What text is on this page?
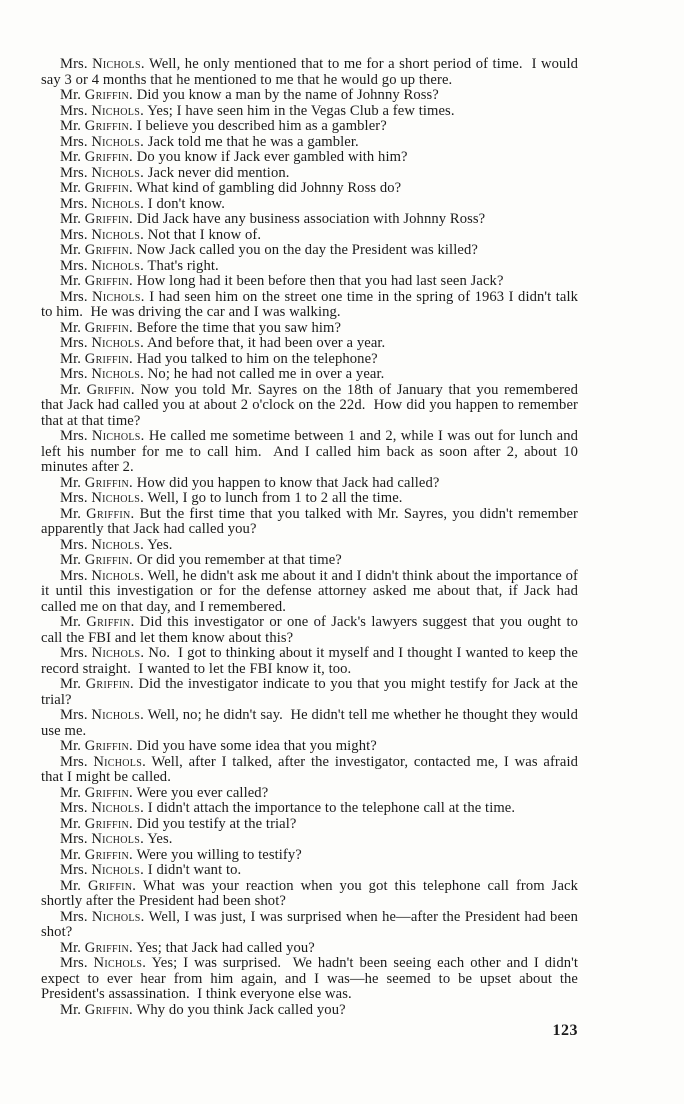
Mrs. Nichols. Well, he only mentioned that to me for a short period of time.  I would say 3 or 4 months that he mentioned to me that he would go up there.

Mr. Griffin. Did you know a man by the name of Johnny Ross?

Mrs. Nichols. Yes; I have seen him in the Vegas Club a few times.

Mr. Griffin. I believe you described him as a gambler?

Mrs. Nichols. Jack told me that he was a gambler.

Mr. Griffin. Do you know if Jack ever gambled with him?

Mrs. Nichols. Jack never did mention.

Mr. Griffin. What kind of gambling did Johnny Ross do?

Mrs. Nichols. I don't know.

Mr. Griffin. Did Jack have any business association with Johnny Ross?

Mrs. Nichols. Not that I know of.

Mr. Griffin. Now Jack called you on the day the President was killed?

Mrs. Nichols. That's right.

Mr. Griffin. How long had it been before then that you had last seen Jack?

Mrs. Nichols. I had seen him on the street one time in the spring of 1963 I didn't talk to him.  He was driving the car and I was walking.

Mr. Griffin. Before the time that you saw him?

Mrs. Nichols. And before that, it had been over a year.

Mr. Griffin. Had you talked to him on the telephone?

Mrs. Nichols. No; he had not called me in over a year.

Mr. Griffin. Now you told Mr. Sayres on the 18th of January that you remembered that Jack had called you at about 2 o'clock on the 22d.  How did you happen to remember that at that time?

Mrs. Nichols. He called me sometime between 1 and 2, while I was out for lunch and left his number for me to call him.  And I called him back as soon after 2, about 10 minutes after 2.

Mr. Griffin. How did you happen to know that Jack had called?

Mrs. Nichols. Well, I go to lunch from 1 to 2 all the time.

Mr. Griffin. But the first time that you talked with Mr. Sayres, you didn't remember apparently that Jack had called you?

Mrs. Nichols. Yes.

Mr. Griffin. Or did you remember at that time?

Mrs. Nichols. Well, he didn't ask me about it and I didn't think about the importance of it until this investigation or for the defense attorney asked me about that, if Jack had called me on that day, and I remembered.

Mr. Griffin. Did this investigator or one of Jack's lawyers suggest that you ought to call the FBI and let them know about this?

Mrs. Nichols. No.  I got to thinking about it myself and I thought I wanted to keep the record straight.  I wanted to let the FBI know it, too.

Mr. Griffin. Did the investigator indicate to you that you might testify for Jack at the trial?

Mrs. Nichols. Well, no; he didn't say.  He didn't tell me whether he thought they would use me.

Mr. Griffin. Did you have some idea that you might?

Mrs. Nichols. Well, after I talked, after the investigator, contacted me, I was afraid that I might be called.

Mr. Griffin. Were you ever called?

Mrs. Nichols. I didn't attach the importance to the telephone call at the time.

Mr. Griffin. Did you testify at the trial?

Mrs. Nichols. Yes.

Mr. Griffin. Were you willing to testify?

Mrs. Nichols. I didn't want to.

Mr. Griffin. What was your reaction when you got this telephone call from Jack shortly after the President had been shot?

Mrs. Nichols. Well, I was just, I was surprised when he—after the President had been shot?

Mr. Griffin. Yes; that Jack had called you?

Mrs. Nichols. Yes; I was surprised.  We hadn't been seeing each other and I didn't expect to ever hear from him again, and I was—he seemed to be upset about the President's assassination.  I think everyone else was.

Mr. Griffin. Why do you think Jack called you?

123
